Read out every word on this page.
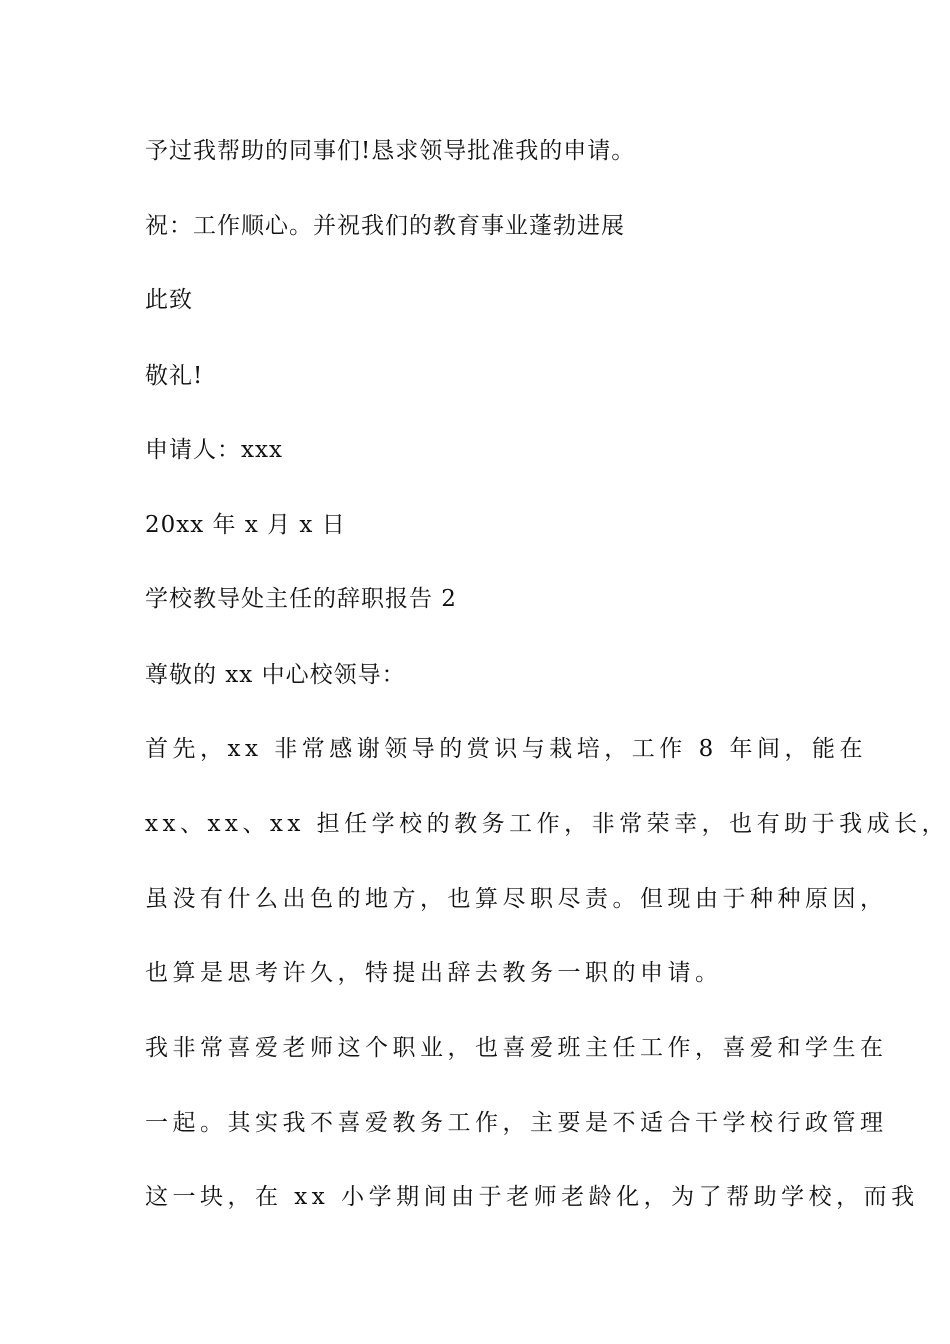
予过我帮助的同事们!恳求领导批准我的申请。

祝：工作顺心。并祝我们的教育事业蓬勃进展

此致

敬礼!

申请人：xxx

20xx 年 x 月 x 日

学校教导处主任的辞职报告 2

尊敬的 xx 中心校领导：

首先，xx 非常感谢领导的赏识与栽培，工作 8 年间，能在

xx、xx、xx 担任学校的教务工作，非常荣幸，也有助于我成长，

虽没有什么出色的地方，也算尽职尽责。但现由于种种原因，

也算是思考许久，特提出辞去教务一职的申请。

我非常喜爱老师这个职业，也喜爱班主任工作，喜爱和学生在

一起。其实我不喜爱教务工作，主要是不适合干学校行政管理

这一块，在 xx 小学期间由于老师老龄化，为了帮助学校，而我
